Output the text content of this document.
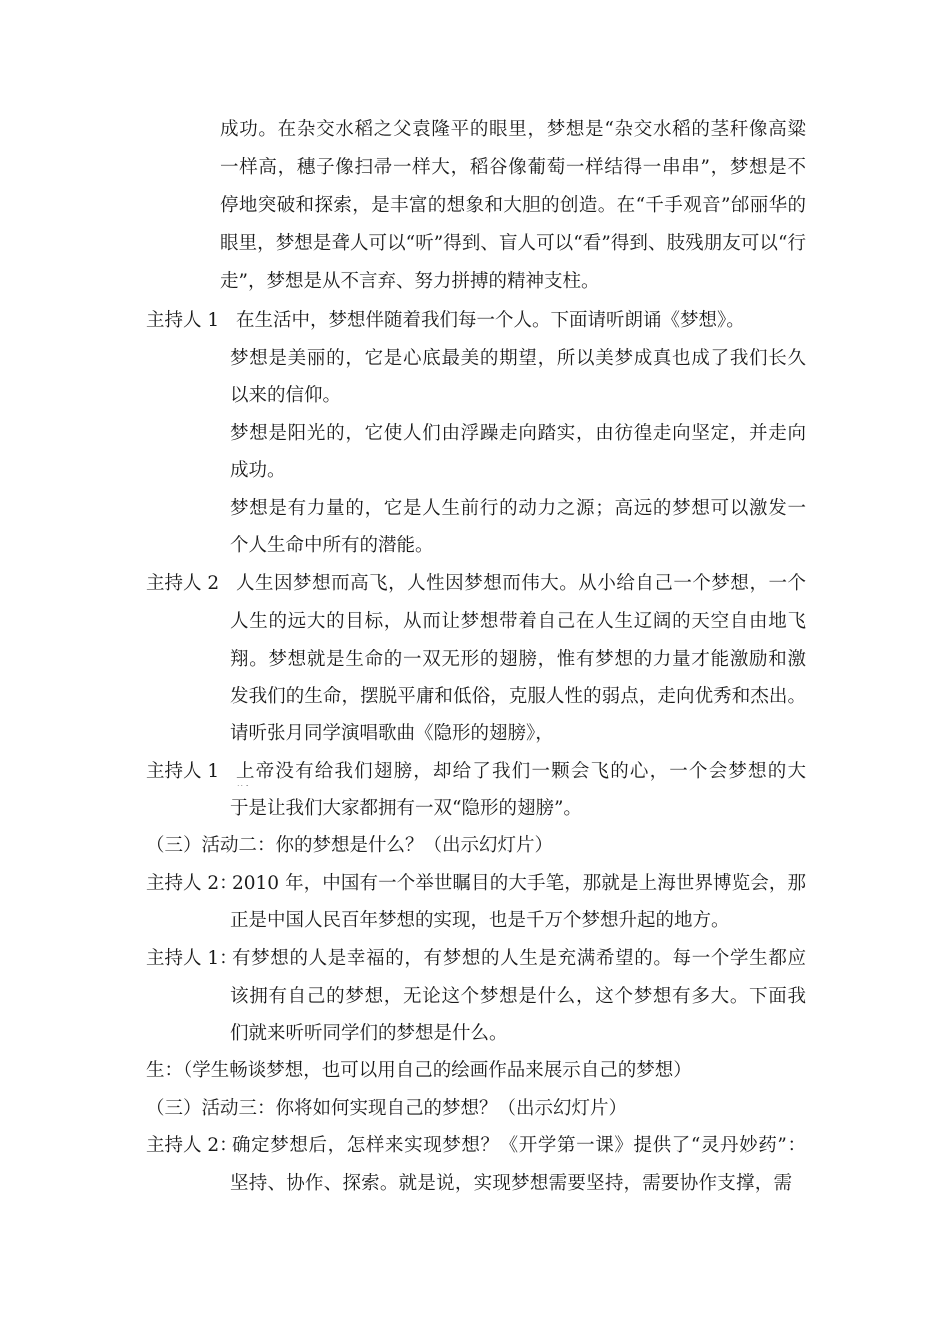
成功。在杂交水稻之父袁隆平的眼里，梦想是“杂交水稻的茎秆像高粱
一样高，穗子像扫帚一样大，稻谷像葡萄一样结得一串串”，梦想是不
停地突破和探索，是丰富的想象和大胆的创造。在“千手观音”邰丽华的
眼里，梦想是聋人可以“听”得到、盲人可以“看”得到、肢残朋友可以“行
走”，梦想是从不言弃、努力拼搏的精神支柱。
主持人 1 在生活中，梦想伴随着我们每一个人。下面请听朗诵《梦想》。
梦想是美丽的，它是心底最美的期望，所以美梦成真也成了我们长久
以来的信仰。
梦想是阳光的，它使人们由浮躁走向踏实，由彷徨走向坚定，并走向
成功。
梦想是有力量的，它是人生前行的动力之源；高远的梦想可以激发一
个人生命中所有的潜能。
主持人 2 人生因梦想而高飞，人性因梦想而伟大。从小给自己一个梦想，一个
人生的远大的目标，从而让梦想带着自己在人生辽阔的天空自由地飞
翔。梦想就是生命的一双无形的翅膀，惟有梦想的力量才能激励和激
发我们的生命，摆脱平庸和低俗，克服人性的弱点，走向优秀和杰出。
请听张月同学演唱歌曲《隐形的翅膀》，
主持人 1 上帝没有给我们翅膀，却给了我们一颗会飞的心，一个会梦想的大
于是让我们大家都拥有一双“隐形的翅膀”。
（三）活动二：你的梦想是什么？（出示幻灯片）
主持人 2：
2010 年，中国有一个举世瞩目的大手笔，那就是上海世界博览会，那
正是中国人民百年梦想的实现，也是千万个梦想升起的地方。
主持人 1：
有梦想的人是幸福的，有梦想的人生是充满希望的。每一个学生都应
该拥有自己的梦想，无论这个梦想是什么，这个梦想有多大。下面我
们就来听听同学们的梦想是什么。
生：（学生畅谈梦想，也可以用自己的绘画作品来展示自己的梦想）
（三）活动三：你将如何实现自己的梦想？（出示幻灯片）
主持人 2：
确定梦想后，怎样来实现梦想？《开学第一课》提供了“灵丹妙药”：
坚持、协作、探索。就是说，实现梦想需要坚持，需要协作支撑，需
